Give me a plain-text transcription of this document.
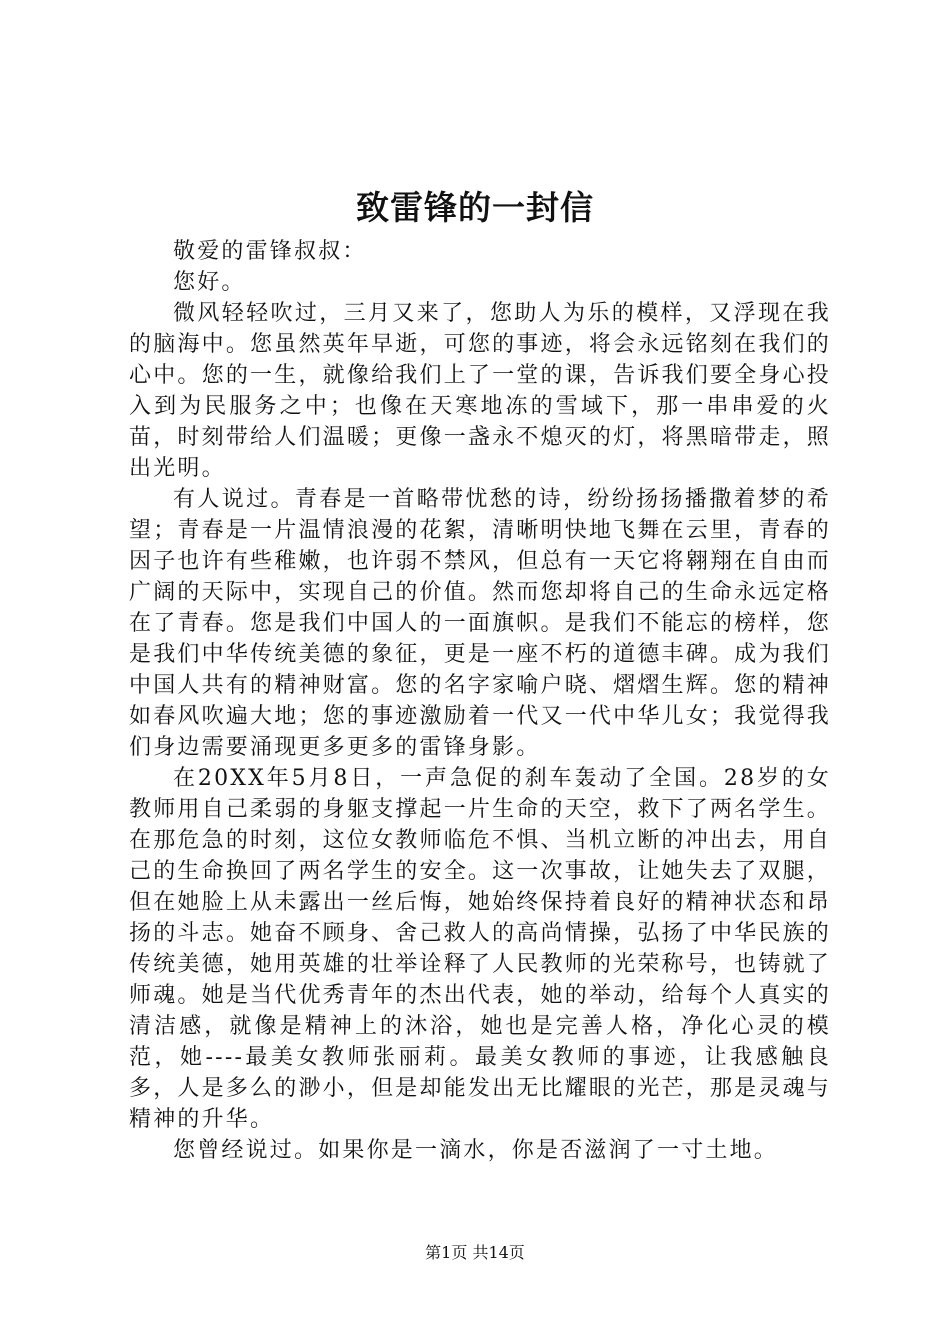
致雷锋的一封信

敬爱的雷锋叔叔：

您好。

微风轻轻吹过，三月又来了，您助人为乐的模样，又浮现在我的脑海中。您虽然英年早逝，可您的事迹，将会永远铭刻在我们的心中。您的一生，就像给我们上了一堂的课，告诉我们要全身心投入到为民服务之中；也像在天寒地冻的雪域下，那一串串爱的火苗，时刻带给人们温暖；更像一盏永不熄灭的灯，将黑暗带走，照出光明。

有人说过。青春是一首略带忧愁的诗，纷纷扬扬播撒着梦的希望；青春是一片温情浪漫的花絮，清晰明快地飞舞在云里，青春的因子也许有些稚嫩，也许弱不禁风，但总有一天它将翱翔在自由而广阔的天际中，实现自己的价值。然而您却将自己的生命永远定格在了青春。您是我们中国人的一面旗帜。是我们不能忘的榜样，您是我们中华传统美德的象征，更是一座不朽的道德丰碑。成为我们中国人共有的精神财富。您的名字家喻户晓、熠熠生辉。您的精神如春风吹遍大地；您的事迹激励着一代又一代中华儿女；我觉得我们身边需要涌现更多更多的雷锋身影。

在20XX年5月8日，一声急促的刹车轰动了全国。28岁的女教师用自己柔弱的身躯支撑起一片生命的天空，救下了两名学生。在那危急的时刻，这位女教师临危不惧、当机立断的冲出去，用自己的生命换回了两名学生的安全。这一次事故，让她失去了双腿，但在她脸上从未露出一丝后悔，她始终保持着良好的精神状态和昂扬的斗志。她奋不顾身、舍己救人的高尚情操，弘扬了中华民族的传统美德，她用英雄的壮举诠释了人民教师的光荣称号，也铸就了师魂。她是当代优秀青年的杰出代表，她的举动，给每个人真实的清洁感，就像是精神上的沐浴，她也是完善人格，净化心灵的模范，她----最美女教师张丽莉。最美女教师的事迹，让我感触良多，人是多么的渺小，但是却能发出无比耀眼的光芒，那是灵魂与精神的升华。

您曾经说过。如果你是一滴水，你是否滋润了一寸土地。

第1页 共14页
